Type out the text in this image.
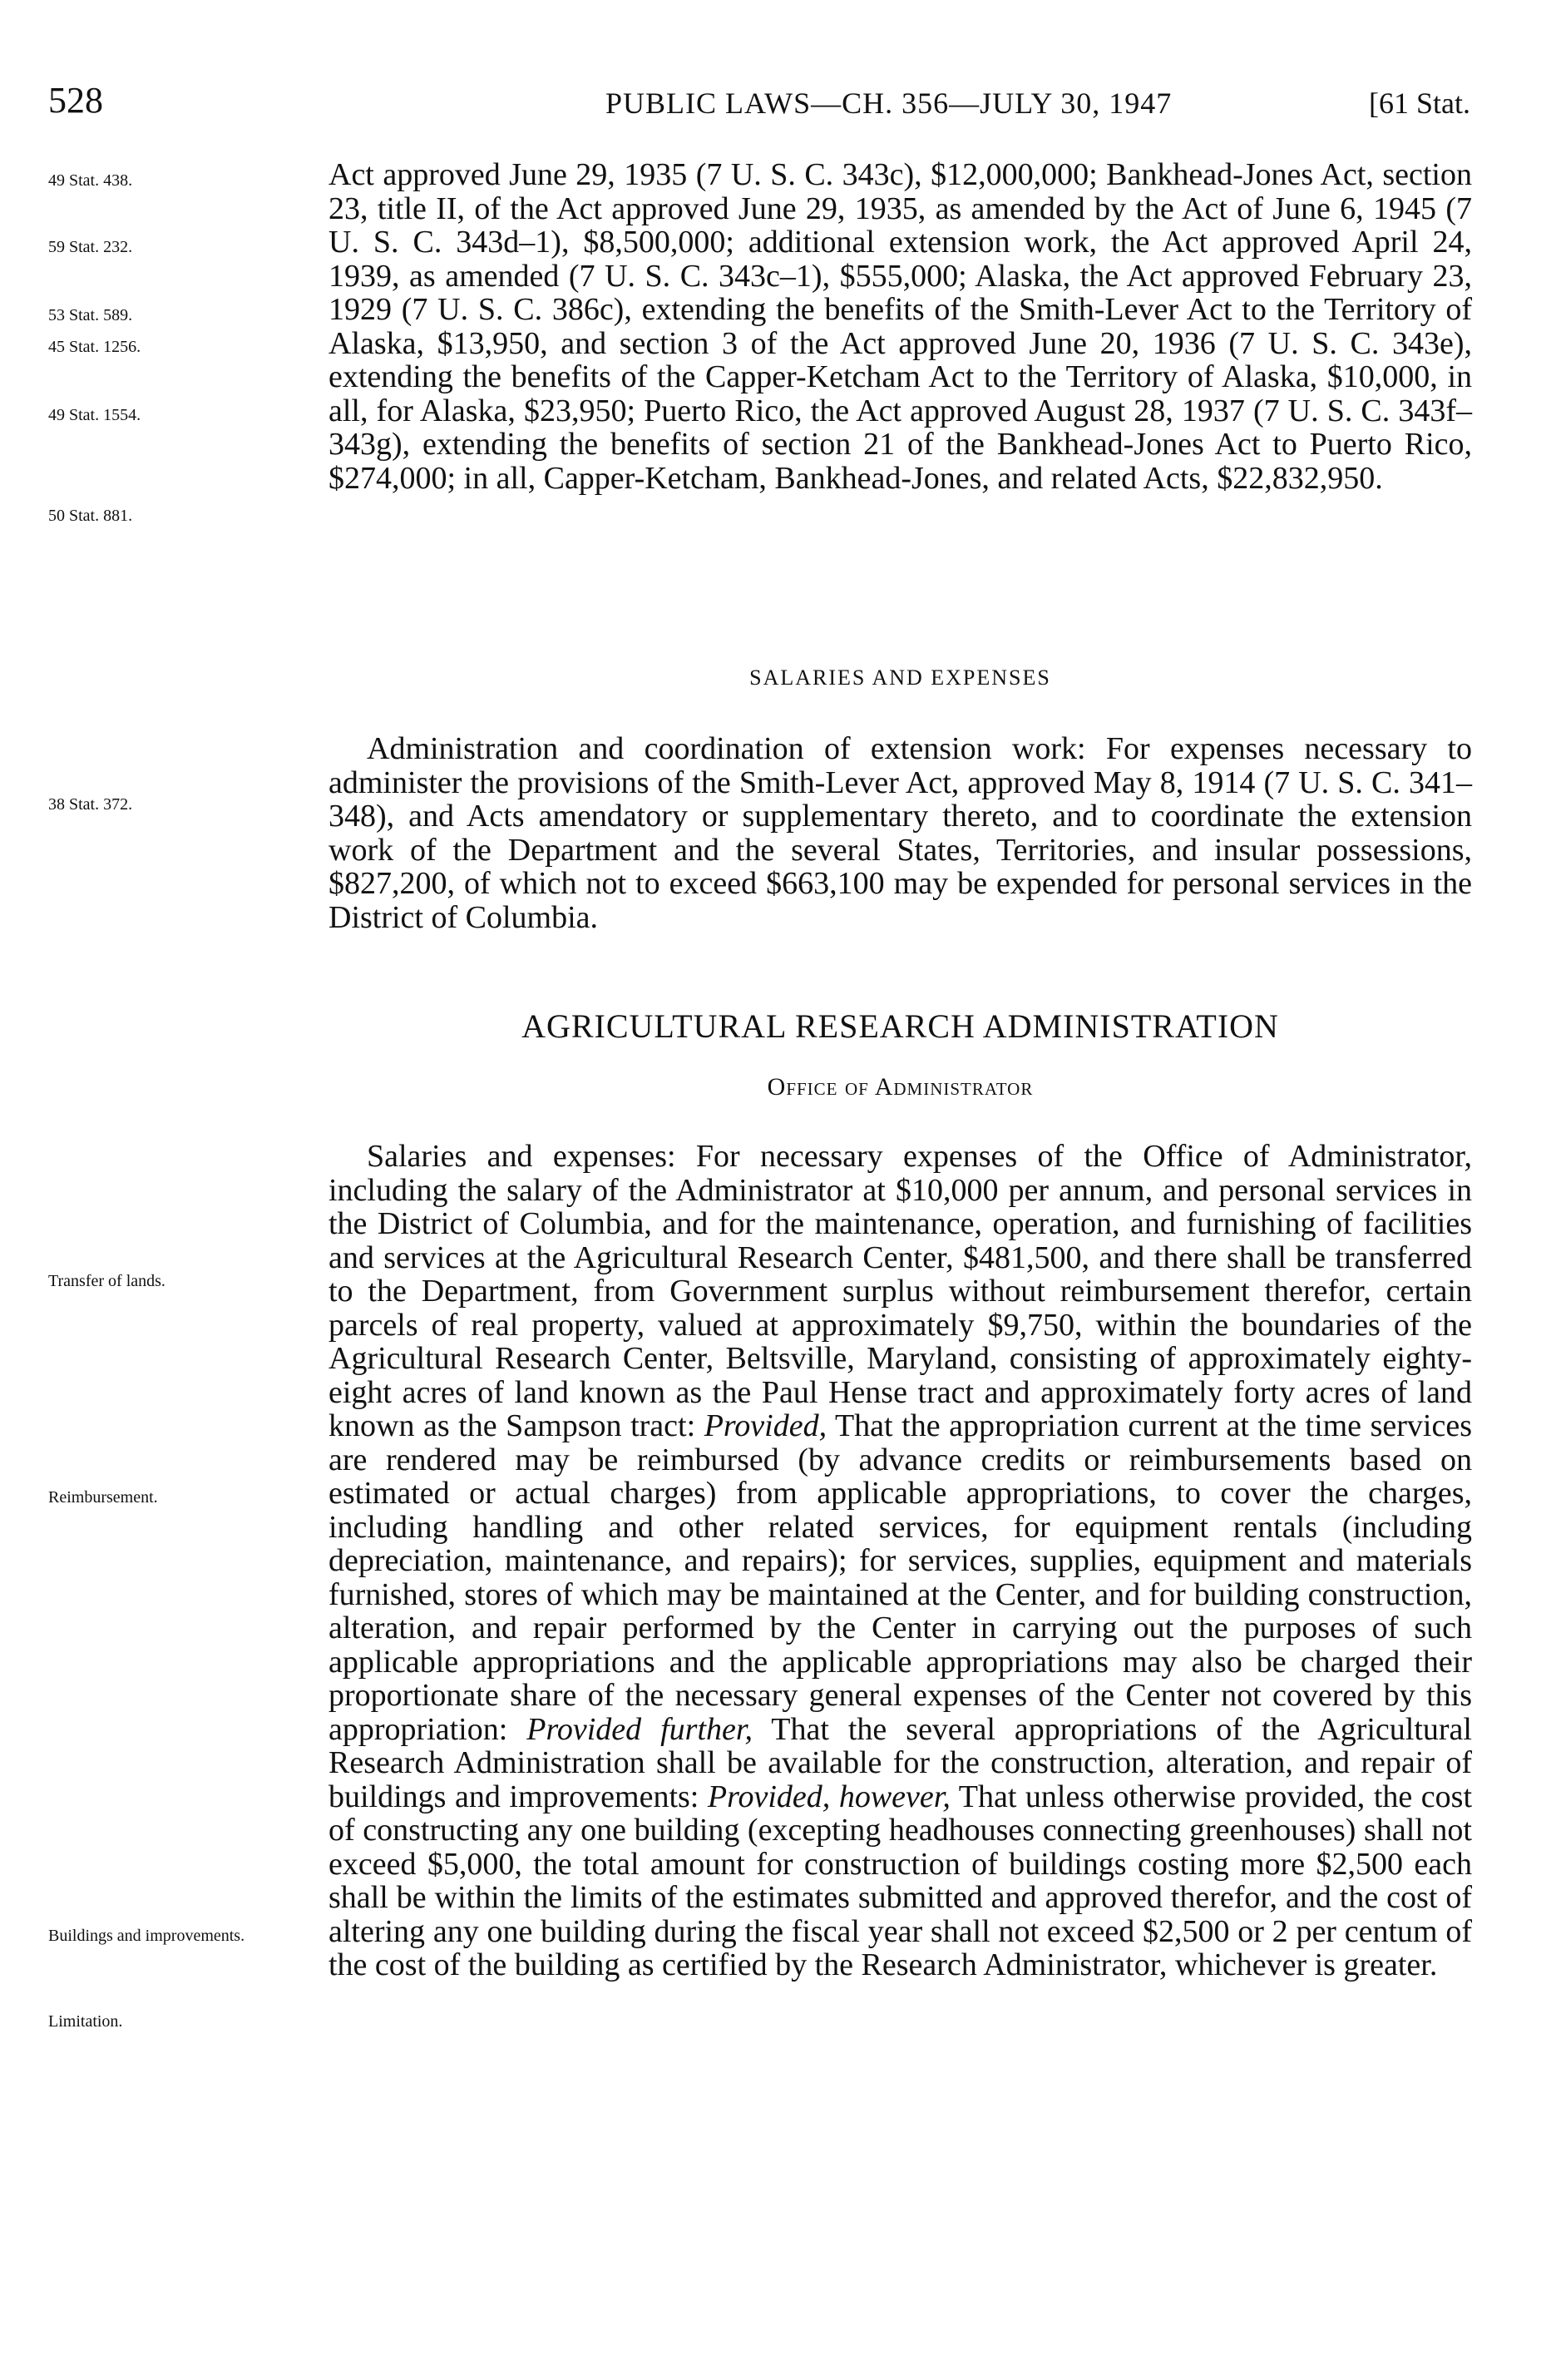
528	PUBLIC LAWS—CH. 356—JULY 30, 1947	[61 Stat.
49 Stat. 438.
59 Stat. 232.
53 Stat. 589.
45 Stat. 1256.
49 Stat. 1554.
50 Stat. 881.
38 Stat. 372.
Transfer of lands.
Reimbursement.
Buildings and improvements.
Limitation.

Act approved June 29, 1935 (7 U. S. C. 343c), $12,000,000; Bankhead-Jones Act, section 23, title II, of the Act approved June 29, 1935, as amended by the Act of June 6, 1945 (7 U. S. C. 343d–1), $8,500,000; additional extension work, the Act approved April 24, 1939, as amended (7 U. S. C. 343c–1), $555,000; Alaska, the Act approved February 23, 1929 (7 U. S. C. 386c), extending the benefits of the Smith-Lever Act to the Territory of Alaska, $13,950, and section 3 of the Act approved June 20, 1936 (7 U. S. C. 343e), extending the benefits of the Capper-Ketcham Act to the Territory of Alaska, $10,000, in all, for Alaska, $23,950; Puerto Rico, the Act approved August 28, 1937 (7 U. S. C. 343f–343g), extending the benefits of section 21 of the Bankhead-Jones Act to Puerto Rico, $274,000; in all, Capper-Ketcham, Bankhead-Jones, and related Acts, $22,832,950.

SALARIES AND EXPENSES

Administration and coordination of extension work: For expenses necessary to administer the provisions of the Smith-Lever Act, approved May 8, 1914 (7 U. S. C. 341–348), and Acts amendatory or supplementary thereto, and to coordinate the extension work of the Department and the several States, Territories, and insular possessions, $827,200, of which not to exceed $663,100 may be expended for personal services in the District of Columbia.

AGRICULTURAL RESEARCH ADMINISTRATION
Office of Administrator

Salaries and expenses: For necessary expenses of the Office of Administrator, including the salary of the Administrator at $10,000 per annum, and personal services in the District of Columbia, and for the maintenance, operation, and furnishing of facilities and services at the Agricultural Research Center, $481,500, and there shall be transferred to the Department, from Government surplus without reimbursement therefor, certain parcels of real property, valued at approximately $9,750, within the boundaries of the Agricultural Research Center, Beltsville, Maryland, consisting of approximately eighty-eight acres of land known as the Paul Hense tract and approximately forty acres of land known as the Sampson tract: Provided, That the appropriation current at the time services are rendered may be reimbursed (by advance credits or reimbursements based on estimated or actual charges) from applicable appropriations, to cover the charges, including handling and other related services, for equipment rentals (including depreciation, maintenance, and repairs); for services, supplies, equipment and materials furnished, stores of which may be maintained at the Center, and for building construction, alteration, and repair performed by the Center in carrying out the purposes of such applicable appropriations and the applicable appropriations may also be charged their proportionate share of the necessary general expenses of the Center not covered by this appropriation: Provided further, That the several appropriations of the Agricultural Research Administration shall be available for the construction, alteration, and repair of buildings and improvements: Provided, however, That unless otherwise provided, the cost of constructing any one building (excepting headhouses connecting greenhouses) shall not exceed $5,000, the total amount for construction of buildings costing more $2,500 each shall be within the limits of the estimates submitted and approved therefor, and the cost of altering any one building during the fiscal year shall not exceed $2,500 or 2 per centum of the cost of the building as certified by the Research Administrator, whichever is greater.
